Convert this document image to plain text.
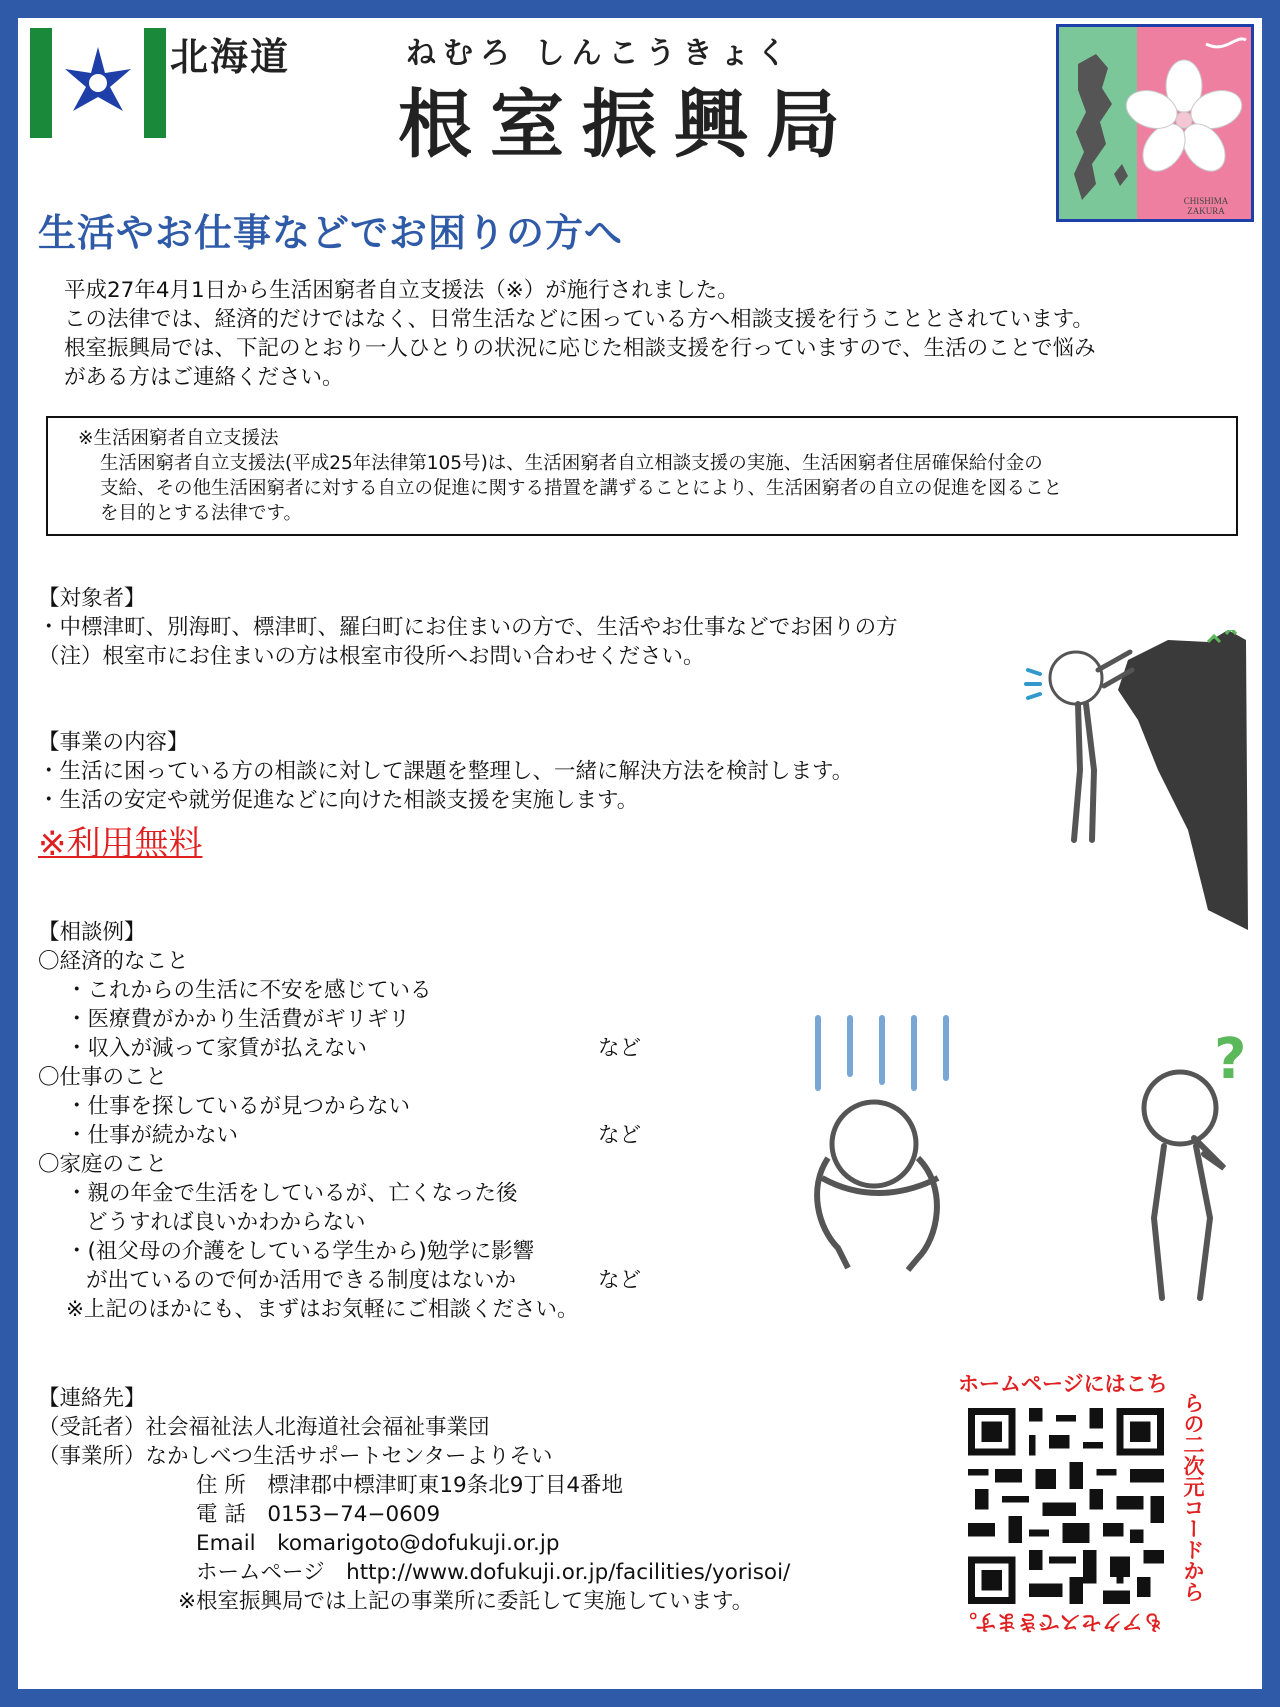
北海道	ねむろ しんこうきょく
根室振興局
CHISHIMA
ZAKURA
生活やお仕事などでお困りの方へ
平成27年4月1日から生活困窮者自立支援法（※）が施行されました。
この法律では、経済的だけではなく、日常生活などに困っている方へ相談支援を行うこととされています。
根室振興局では、下記のとおり一人ひとりの状況に応じた相談支援を行っていますので、生活のことで悩み
がある方はご連絡ください。
※生活困窮者自立支援法
生活困窮者自立支援法(平成25年法律第105号)は、生活困窮者自立相談支援の実施、生活困窮者住居確保給付金の
支給、その他生活困窮者に対する自立の促進に関する措置を講ずることにより、生活困窮者の自立の促進を図ること
を目的とする法律です。
【対象者】
・中標津町、別海町、標津町、羅臼町にお住まいの方で、生活やお仕事などでお困りの方
（注）根室市にお住まいの方は根室市役所へお問い合わせください。
【事業の内容】
・生活に困っている方の相談に対して課題を整理し、一緒に解決方法を検討します。
・生活の安定や就労促進などに向けた相談支援を実施します。
※利用無料
【相談例】
〇経済的なこと
・これからの生活に不安を感じている
・医療費がかかり生活費がギリギリ
・収入が減って家賃が払えない	など
〇仕事のこと
・仕事を探しているが見つからない
・仕事が続かない	など
〇家庭のこと
・親の年金で生活をしているが、亡くなった後
どうすれば良いかわからない
・(祖父母の介護をしている学生から)勉学に影響
が出ているので何か活用できる制度はないか	など
※上記のほかにも、まずはお気軽にご相談ください。
【連絡先】
（受託者）社会福祉法人北海道社会福祉事業団
（事業所）なかしべつ生活サポートセンターよりそい
住 所　標津郡中標津町東19条北9丁目4番地
電 話　0153−74−0609
Email　komarigoto@dofukuji.or.jp
ホームページ　http://www.dofukuji.or.jp/facilities/yorisoi/
※根室振興局では上記の事業所に委託して実施しています。
?
ホームページにはこち
らの二次元コードから
もアクセスできます。
